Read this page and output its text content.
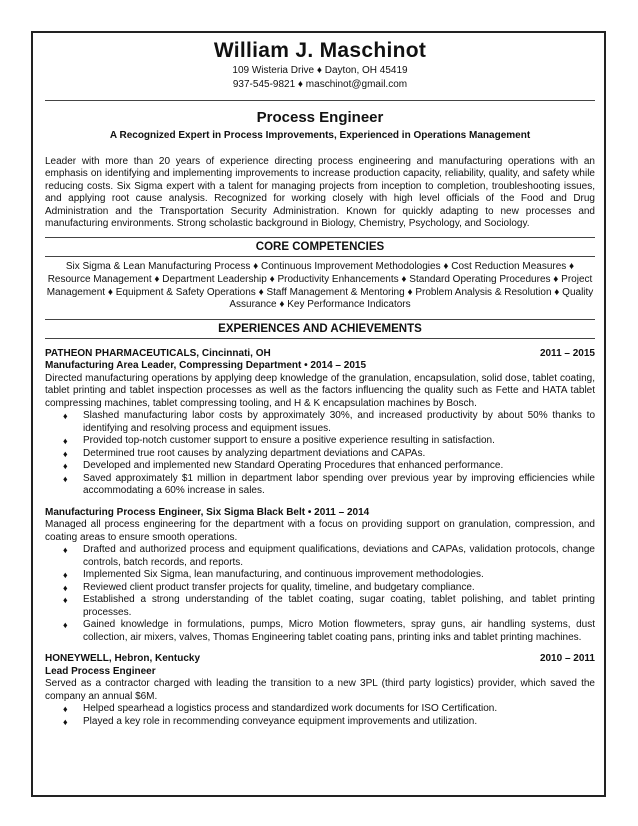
William J. Maschinot
109 Wisteria Drive ♦ Dayton, OH 45419
937-545-9821 ♦ maschinot@gmail.com
Process Engineer
A Recognized Expert in Process Improvements, Experienced in Operations Management
Leader with more than 20 years of experience directing process engineering and manufacturing operations with an emphasis on identifying and implementing improvements to increase production capacity, reliability, quality, and safety while reducing costs. Six Sigma expert with a talent for managing projects from inception to completion, troubleshooting issues, and applying root cause analysis. Recognized for working closely with high level officials of the Food and Drug Administration and the Transportation Security Administration. Known for quickly adapting to new processes and manufacturing environments. Strong scholastic background in Biology, Chemistry, Psychology, and Sociology.
CORE COMPETENCIES
Six Sigma & Lean Manufacturing Process ♦ Continuous Improvement Methodologies ♦ Cost Reduction Measures ♦ Resource Management ♦ Department Leadership ♦ Productivity Enhancements ♦ Standard Operating Procedures ♦ Project Management ♦ Equipment & Safety Operations ♦ Staff Management & Mentoring ♦ Problem Analysis & Resolution ♦ Quality Assurance ♦ Key Performance Indicators
EXPERIENCES AND ACHIEVEMENTS
PATHEON PHARMACEUTICALS, Cincinnati, OH	2011 – 2015
Manufacturing Area Leader, Compressing Department • 2014 – 2015
Directed manufacturing operations by applying deep knowledge of the granulation, encapsulation, solid dose, tablet coating, tablet printing and tablet inspection processes as well as the factors influencing the quality such as Fette and HATA tablet compressing machines, tablet compressing tooling, and H & K encapsulation machines by Bosch.
♦ Slashed manufacturing labor costs by approximately 30%, and increased productivity by about 50% thanks to identifying and resolving process and equipment issues.
♦ Provided top-notch customer support to ensure a positive experience resulting in satisfaction.
♦ Determined true root causes by analyzing department deviations and CAPAs.
♦ Developed and implemented new Standard Operating Procedures that enhanced performance.
♦ Saved approximately $1 million in department labor spending over previous year by improving efficiencies while accommodating a 60% increase in sales.
Manufacturing Process Engineer, Six Sigma Black Belt • 2011 – 2014
Managed all process engineering for the department with a focus on providing support on granulation, compression, and coating areas to ensure smooth operations.
♦ Drafted and authorized process and equipment qualifications, deviations and CAPAs, validation protocols, change controls, batch records, and reports.
♦ Implemented Six Sigma, lean manufacturing, and continuous improvement methodologies.
♦ Reviewed client product transfer projects for quality, timeline, and budgetary compliance.
♦ Established a strong understanding of the tablet coating, sugar coating, tablet polishing, and tablet printing processes.
♦ Gained knowledge in formulations, pumps, Micro Motion flowmeters, spray guns, air handling systems, dust collection, air mixers, valves, Thomas Engineering tablet coating pans, printing inks and tablet printing machines.
HONEYWELL, Hebron, Kentucky	2010 – 2011
Lead Process Engineer
Served as a contractor charged with leading the transition to a new 3PL (third party logistics) provider, which saved the company an annual $6M.
♦ Helped spearhead a logistics process and standardized work documents for ISO Certification.
♦ Played a key role in recommending conveyance equipment improvements and utilization.
